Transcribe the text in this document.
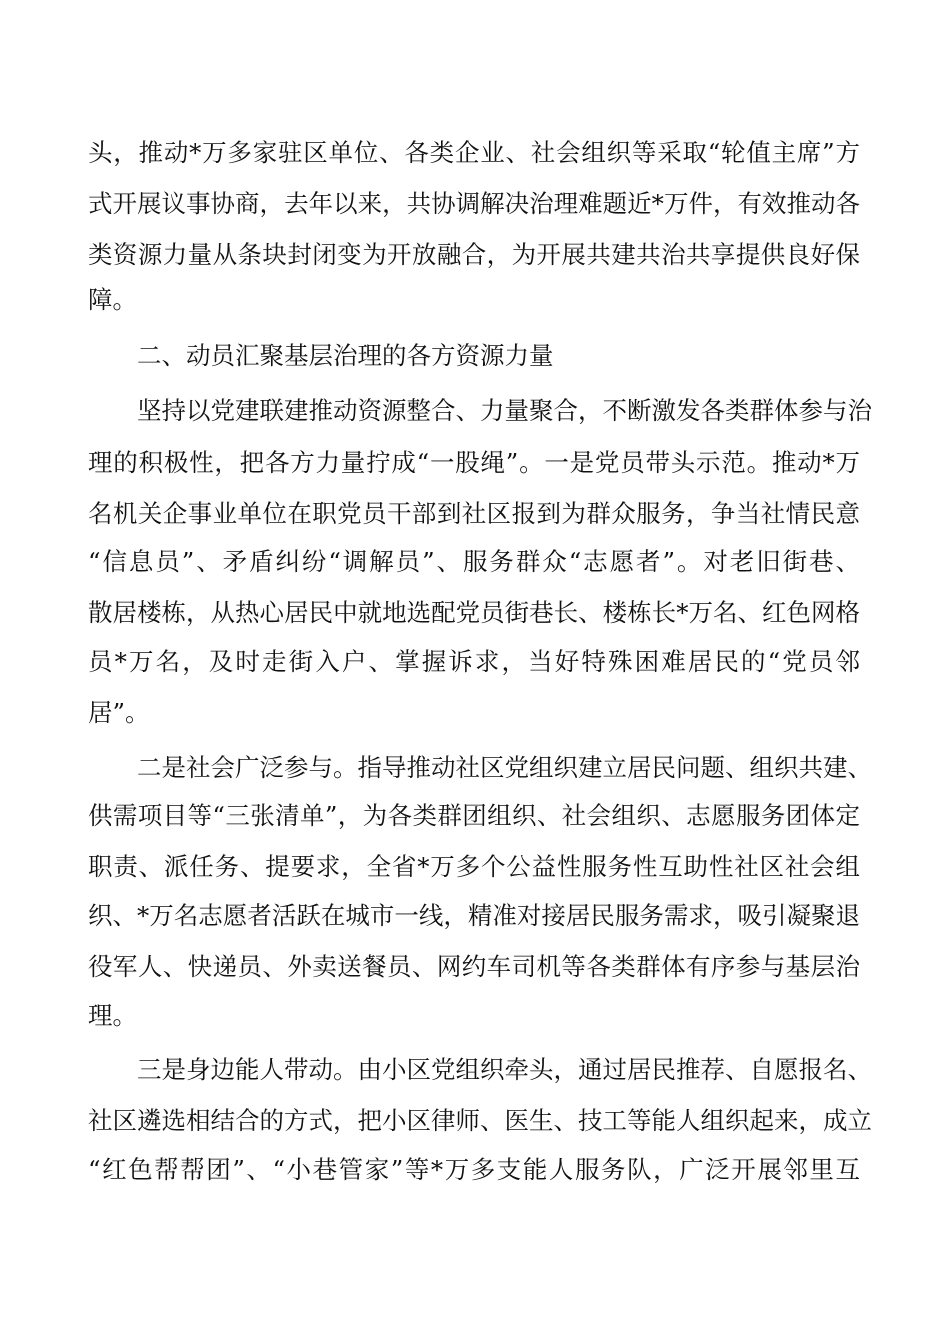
头，推动*万多家驻区单位、各类企业、社会组织等采取“轮值主席”方
式开展议事协商，去年以来，共协调解决治理难题近*万件，有效推动各
类资源力量从条块封闭变为开放融合，为开展共建共治共享提供良好保
障。
二、动员汇聚基层治理的各方资源力量
坚持以党建联建推动资源整合、力量聚合，不断激发各类群体参与治
理的积极性，把各方力量拧成“一股绳”。一是党员带头示范。推动*万
名机关企事业单位在职党员干部到社区报到为群众服务，争当社情民意
“信息员”、矛盾纠纷“调解员”、服务群众“志愿者”。对老旧街巷、
散居楼栋，从热心居民中就地选配党员街巷长、楼栋长*万名、红色网格
员*万名，及时走街入户、掌握诉求，当好特殊困难居民的“党员邻
居”。
二是社会广泛参与。指导推动社区党组织建立居民问题、组织共建、
供需项目等“三张清单”，为各类群团组织、社会组织、志愿服务团体定
职责、派任务、提要求，全省*万多个公益性服务性互助性社区社会组
织、*万名志愿者活跃在城市一线，精准对接居民服务需求，吸引凝聚退
役军人、快递员、外卖送餐员、网约车司机等各类群体有序参与基层治
理。
三是身边能人带动。由小区党组织牵头，通过居民推荐、自愿报名、
社区遴选相结合的方式，把小区律师、医生、技工等能人组织起来，成立
“红色帮帮团”、“小巷管家”等*万多支能人服务队，广泛开展邻里互
